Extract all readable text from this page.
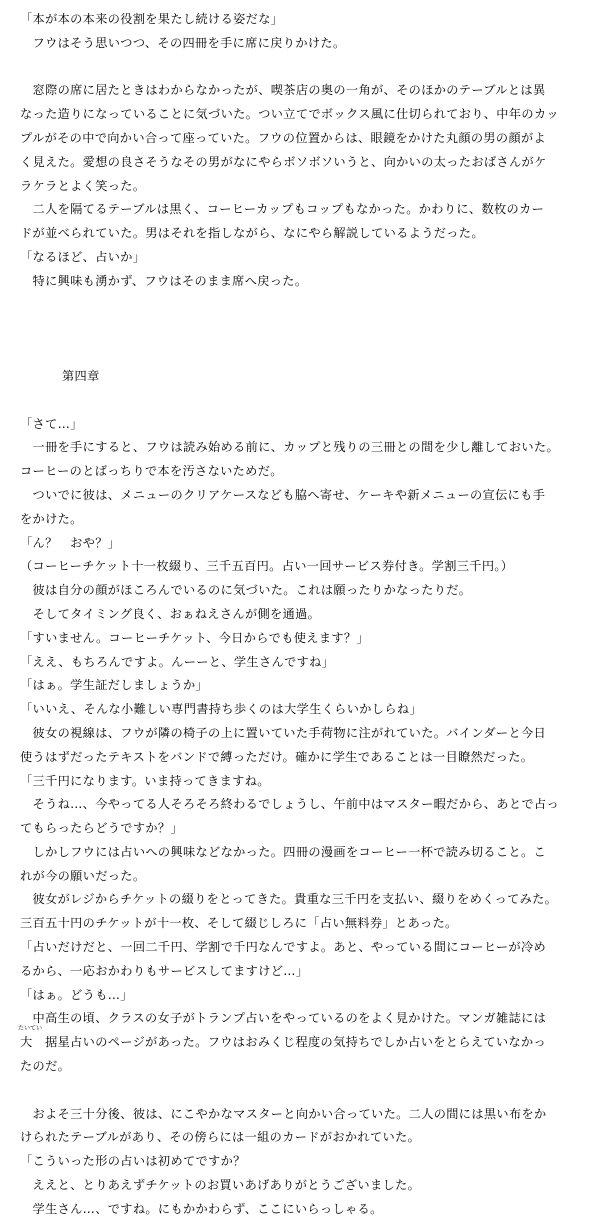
「本が本の本来の役割を果たし続ける姿だな」
　フウはそう思いつつ、その四冊を手に席に戻りかけた。
　窓際の席に居たときはわからなかったが、喫茶店の奥の一角が、そのほかのテーブルとは異
なった造りになっていることに気づいた。つい立てでボックス風に仕切られており、中年のカッ
プルがその中で向かい合って座っていた。フウの位置からは、眼鏡をかけた丸顔の男の顔がよ
く見えた。愛想の良さそうなその男がなにやらボソボソいうと、向かいの太ったおばさんがケ
ラケラとよく笑った。
　二人を隔てるテーブルは黒く、コーヒーカップもコップもなかった。かわりに、数枚のカー
ドが並べられていた。男はそれを指しながら、なにやら解説しているようだった。
「なるほど、占いか」
　特に興味も湧かず、フウはそのまま席へ戻った。
第四章
「さて…」
　一冊を手にすると、フウは読み始める前に、カップと残りの三冊との間を少し離しておいた。
コーヒーのとばっちりで本を汚さないためだ。
　ついでに彼は、メニューのクリアケースなども脇へ寄せ、ケーキや新メニューの宣伝にも手
をかけた。
「ん？　おや？」
（コーヒーチケット十一枚綴り、三千五百円。占い一回サービス券付き。学割三千円。）
　彼は自分の顔がほころんでいるのに気づいた。これは願ったりかなったりだ。
　そしてタイミング良く、おぁねえさんが側を通過。
「すいません。コーヒーチケット、今日からでも使えます？」
「ええ、もちろんですよ。んーーと、学生さんですね」
「はぁ。学生証だしましょうか」
「いいえ、そんな小難しい専門書持ち歩くのは大学生くらいかしらね」
　彼女の視線は、フウが隣の椅子の上に置いていた手荷物に注がれていた。バインダーと今日
使うはずだったテキストをバンドで縛っただけ。確かに学生であることは一目瞭然だった。
「三千円になります。いま持ってきますね。
　そうね…、今やってる人そろそろ終わるでしょうし、午前中はマスター暇だから、あとで占っ
てもらったらどうですか？」
　しかしフウには占いへの興味などなかった。四冊の漫画をコーヒー一杯で読み切ること。こ
れが今の願いだった。
　彼女がレジからチケットの綴りをとってきた。貴重な三千円を支払い、綴りをめくってみた。
三百五十円のチケットが十一枚、そして綴じしろに「占い無料券」とあった。
「占いだけだと、一回二千円、学割で千円なんですよ。あと、やっている間にコーヒーが冷め
るから、一応おかわりもサービスしてますけど…」
「はぁ。どうも…」
　中高生の頃、クラスの女子がトランプ占いをやっているのをよく見かけた。マンガ雑誌には
たいてい
大　据星占いのページがあった。フウはおみくじ程度の気持ちでしか占いをとらえていなかっ
たのだ。
　およそ三十分後、彼は、にこやかなマスターと向かい合っていた。二人の間には黒い布をか
けられたテーブルがあり、その傍らには一組のカードがおかれていた。
「こういった形の占いは初めてですか？
　ええと、とりあえずチケットのお買いあげありがとうございました。
　学生さん…、ですね。にもかかわらず、ここにいらっしゃる。
